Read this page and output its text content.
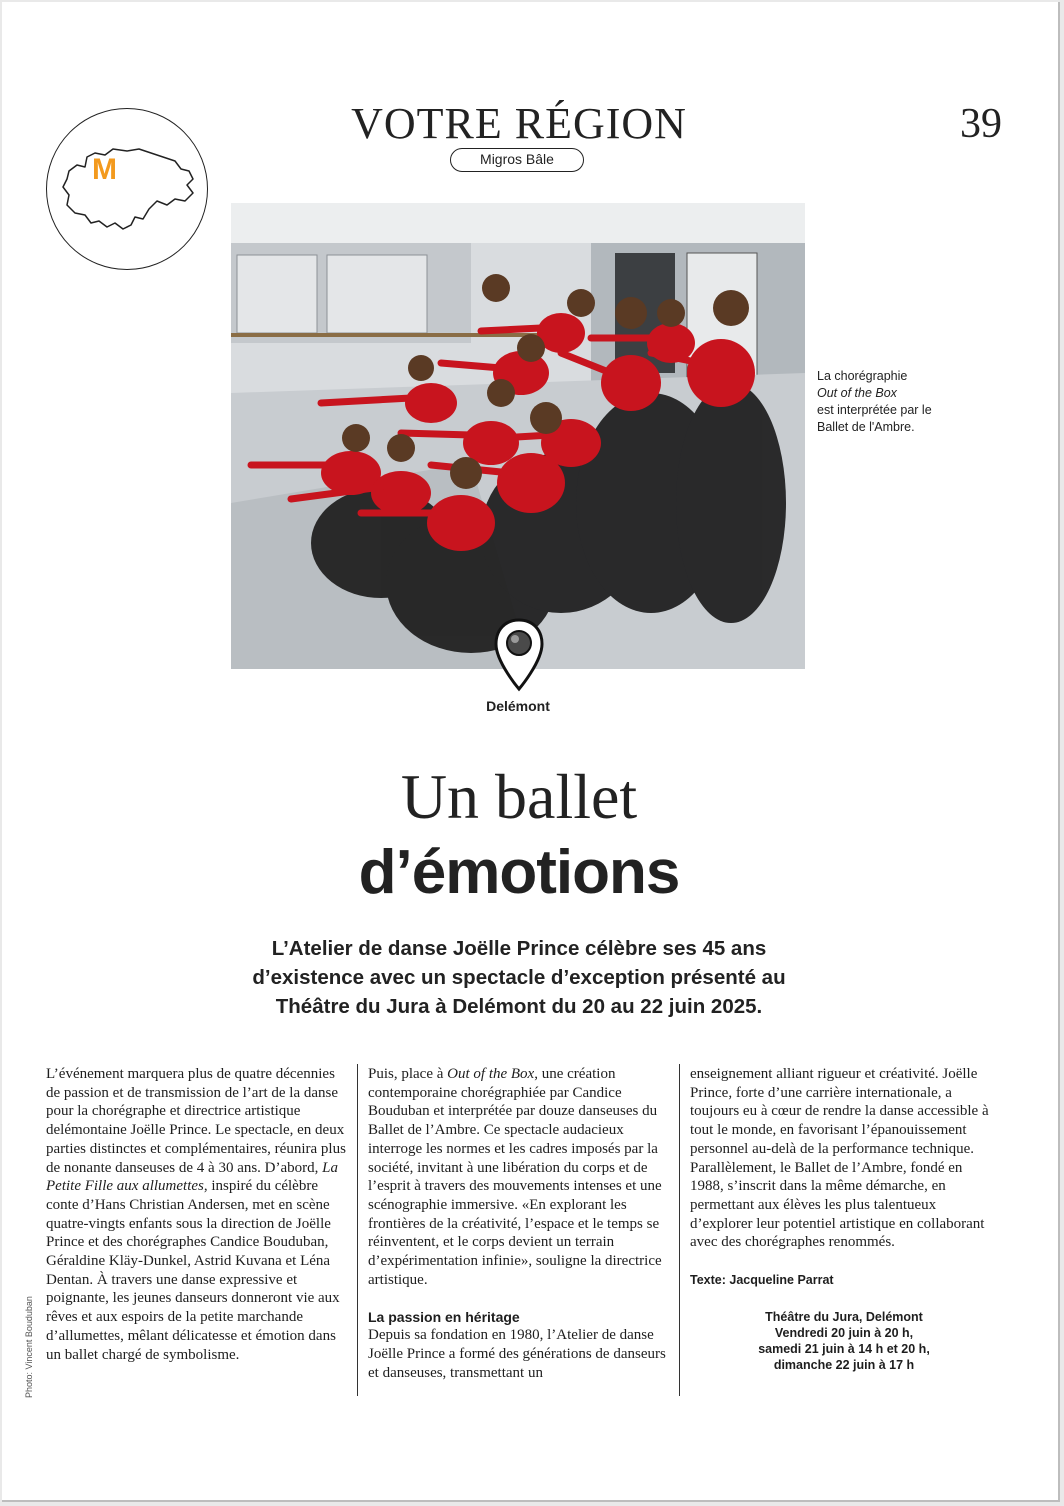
M
VOTRE RÉGION
Migros Bâle
39
La chorégraphie
Out of the Box
est interprétée par le Ballet de l'Ambre.
Delémont
Un ballet
d’émotions
L’Atelier de danse Joëlle Prince célèbre ses 45 ans d’existence avec un spectacle d’exception présenté au Théâtre du Jura à Delémont du 20 au 22 juin 2025.
Photo: Vincent Bouduban

L’événement marquera plus de quatre décennies de passion et de transmission de l’art de la danse pour la chorégraphe et directrice artistique delémontaine Joëlle Prince. Le spectacle, en deux parties distinctes et complémentaires, réunira plus de nonante danseuses de 4 à 30 ans. D’abord, La Petite Fille aux allumettes, inspiré du célèbre conte d’Hans Christian Andersen, met en scène quatre-vingts enfants sous la direction de Joëlle Prince et des chorégraphes Candice Bouduban, Géraldine Kläy-Dunkel, Astrid Kuvana et Léna Dentan. À travers une danse expressive et poignante, les jeunes danseurs donneront vie aux rêves et aux espoirs de la petite marchande d’allumettes, mêlant délicatesse et émotion dans un ballet chargé de symbolisme.

Puis, place à Out of the Box, une création contemporaine chorégraphiée par Candice Bouduban et interprétée par douze danseuses du Ballet de l’Ambre. Ce spectacle audacieux interroge les normes et les cadres imposés par la société, invitant à une libération du corps et de l’esprit à travers des mouvements intenses et une scénographie immersive. «En explorant les frontières de la créativité, l’espace et le temps se réinventent, et le corps devient un terrain d’expérimentation infinie», souligne la directrice artistique.

La passion en héritage

Depuis sa fondation en 1980, l’Atelier de danse Joëlle Prince a formé des générations de danseurs et danseuses, transmettant un

enseignement alliant rigueur et créativité. Joëlle Prince, forte d’une carrière internationale, a toujours eu à cœur de rendre la danse accessible à tout le monde, en favorisant l’épanouissement personnel au-delà de la performance technique. Parallèlement, le Ballet de l’Ambre, fondé en 1988, s’inscrit dans la même démarche, en permettant aux élèves les plus talentueux d’explorer leur potentiel artistique en collaborant avec des chorégraphes renommés.

Texte: Jacqueline Parrat

Théâtre du Jura, Delémont
Vendredi 20 juin à 20 h,
samedi 21 juin à 14 h et 20 h,
dimanche 22 juin à 17 h
